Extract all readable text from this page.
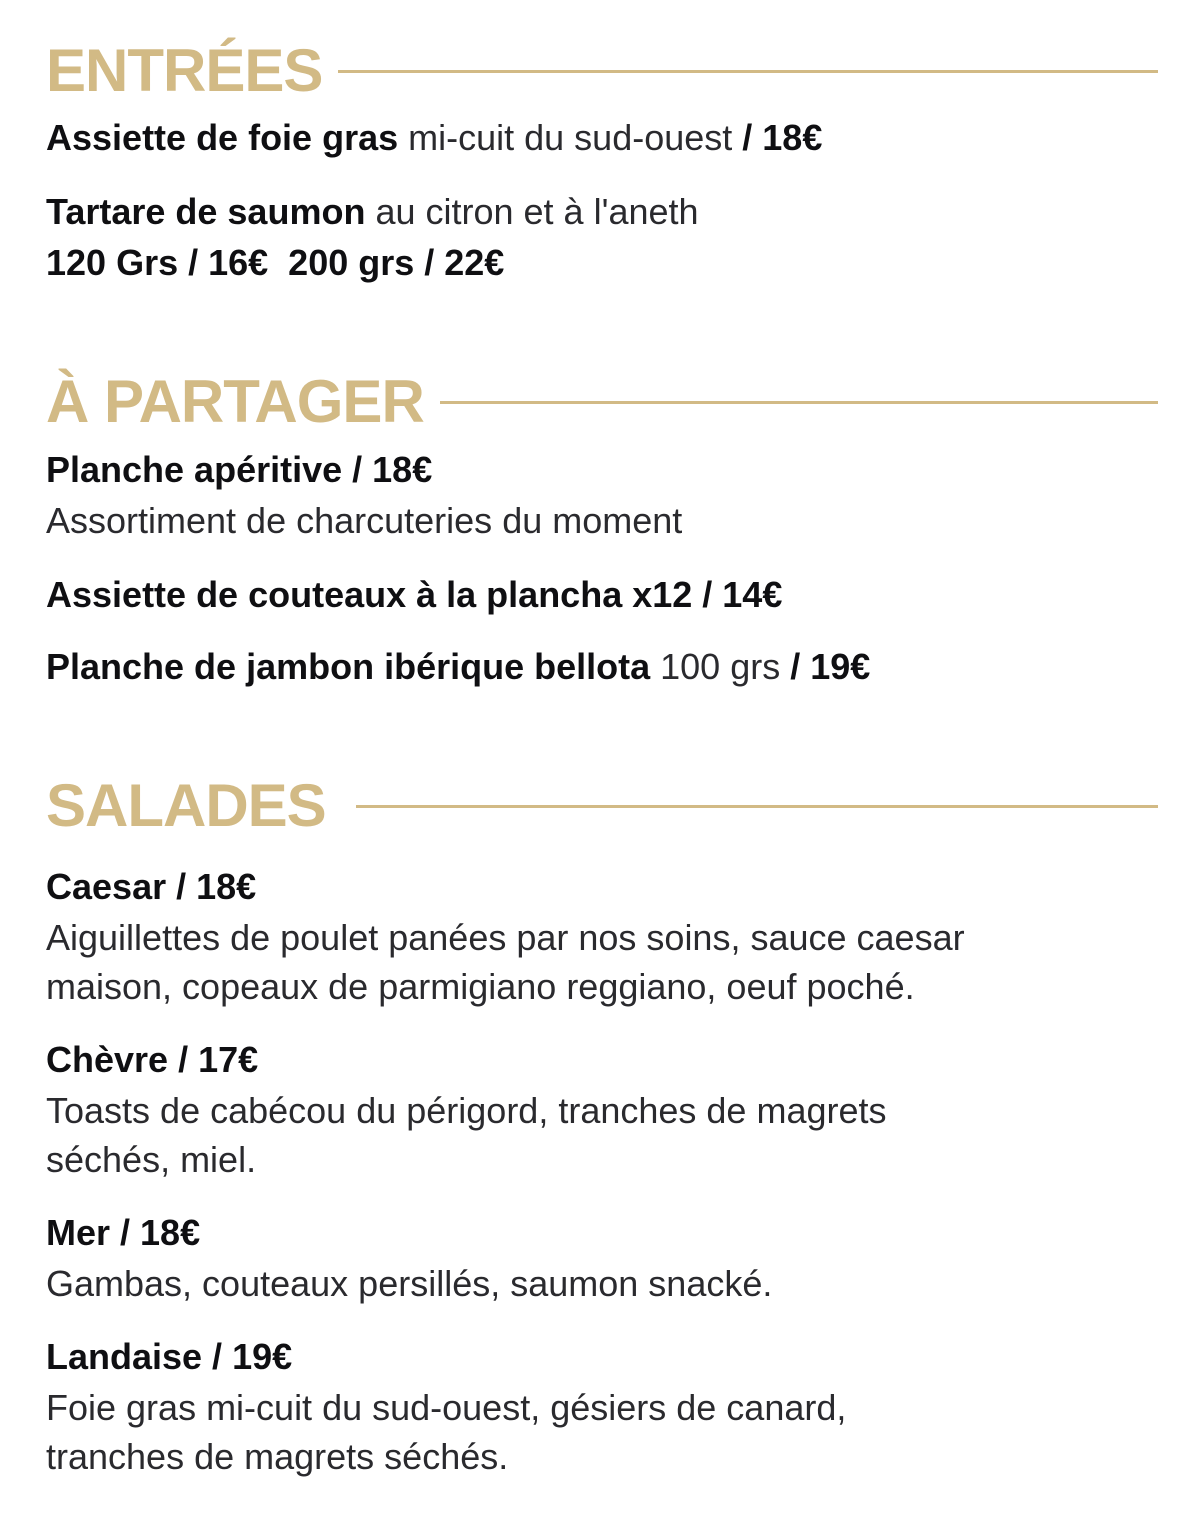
ENTRÉES
Assiette de foie gras mi-cuit du sud-ouest / 18€
Tartare de saumon au citron et à l'aneth
120 Grs / 16€  200 grs / 22€
À PARTAGER
Planche apéritive / 18€
Assortiment de charcuteries du moment
Assiette de couteaux à la plancha x12 / 14€
Planche de jambon ibérique bellota 100 grs / 19€
SALADES
Caesar / 18€
Aiguillettes de poulet panées par nos soins, sauce caesar
maison, copeaux de parmigiano reggiano, oeuf poché.
Chèvre / 17€
Toasts de cabécou du périgord, tranches de magrets
séchés, miel.
Mer / 18€
Gambas, couteaux persillés, saumon snacké.
Landaise / 19€
Foie gras mi-cuit du sud-ouest, gésiers de canard,
tranches de magrets séchés.
